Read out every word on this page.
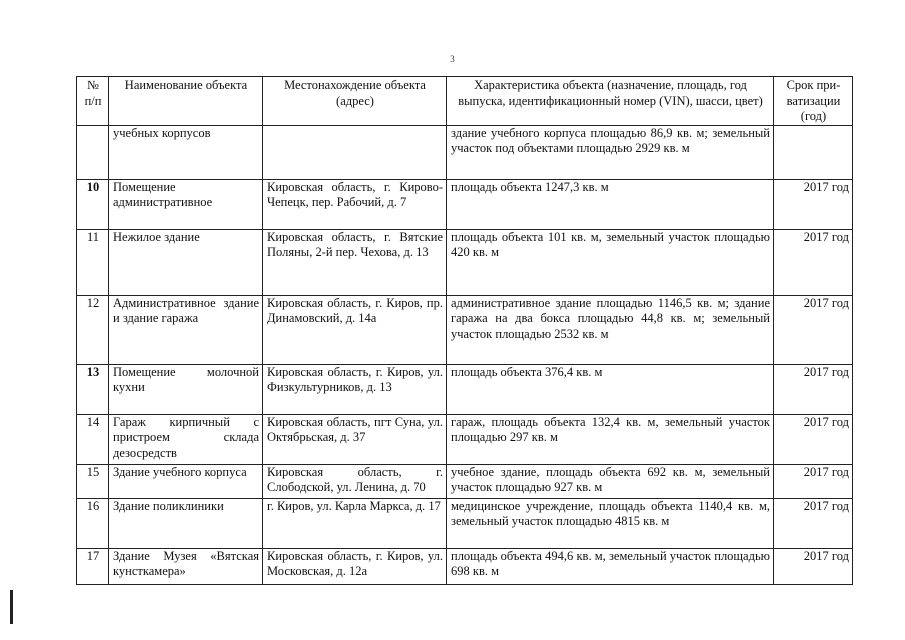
3
№ п/п	Наименование объекта	Местонахождение объекта (адрес)	Характеристика объекта (назначение, площадь, год выпуска, идентификационный номер (VIN), шасси, цвет)	Срок при-ватизации (год)
	учебных корпусов		здание учебного корпуса площадью 86,9 кв. м; земельный участок под объектами площадью 2929 кв. м	
10	Помещение административное	Кировская область, г. Кирово-Чепецк, пер. Рабочий, д. 7	площадь объекта 1247,3 кв. м	2017 год
11	Нежилое здание	Кировская область, г. Вятские Поляны, 2-й пер. Чехова, д. 13	площадь объекта 101 кв. м, земельный участок площадью 420 кв. м	2017 год
12	Административное здание и здание гаража	Кировская область, г. Киров, пр. Динамовский, д. 14а	административное здание площадью 1146,5 кв. м; здание гаража на два бокса площадью 44,8 кв. м; земельный участок площадью 2532 кв. м	2017 год
13	Помещение молочной кухни	Кировская область, г. Киров, ул. Физкультурников, д. 13	площадь объекта 376,4 кв. м	2017 год
14	Гараж кирпичный с пристроем склада дезосредств	Кировская область, пгт Суна, ул. Октябрьская, д. 37	гараж, площадь объекта 132,4 кв. м, земельный участок площадью 297 кв. м	2017 год
15	Здание учебного корпуса	Кировская область, г. Слободской, ул. Ленина, д. 70	учебное здание, площадь объекта 692 кв. м, земельный участок площадью 927 кв. м	2017 год
16	Здание поликлиники	г. Киров, ул. Карла Маркса, д. 17	медицинское учреждение, площадь объекта 1140,4 кв. м, земельный участок площадью 4815 кв. м	2017 год
17	Здание Музея «Вятская кунсткамера»	Кировская область, г. Киров, ул. Московская, д. 12а	площадь объекта 494,6 кв. м, земельный участок площадью 698 кв. м	2017 год
